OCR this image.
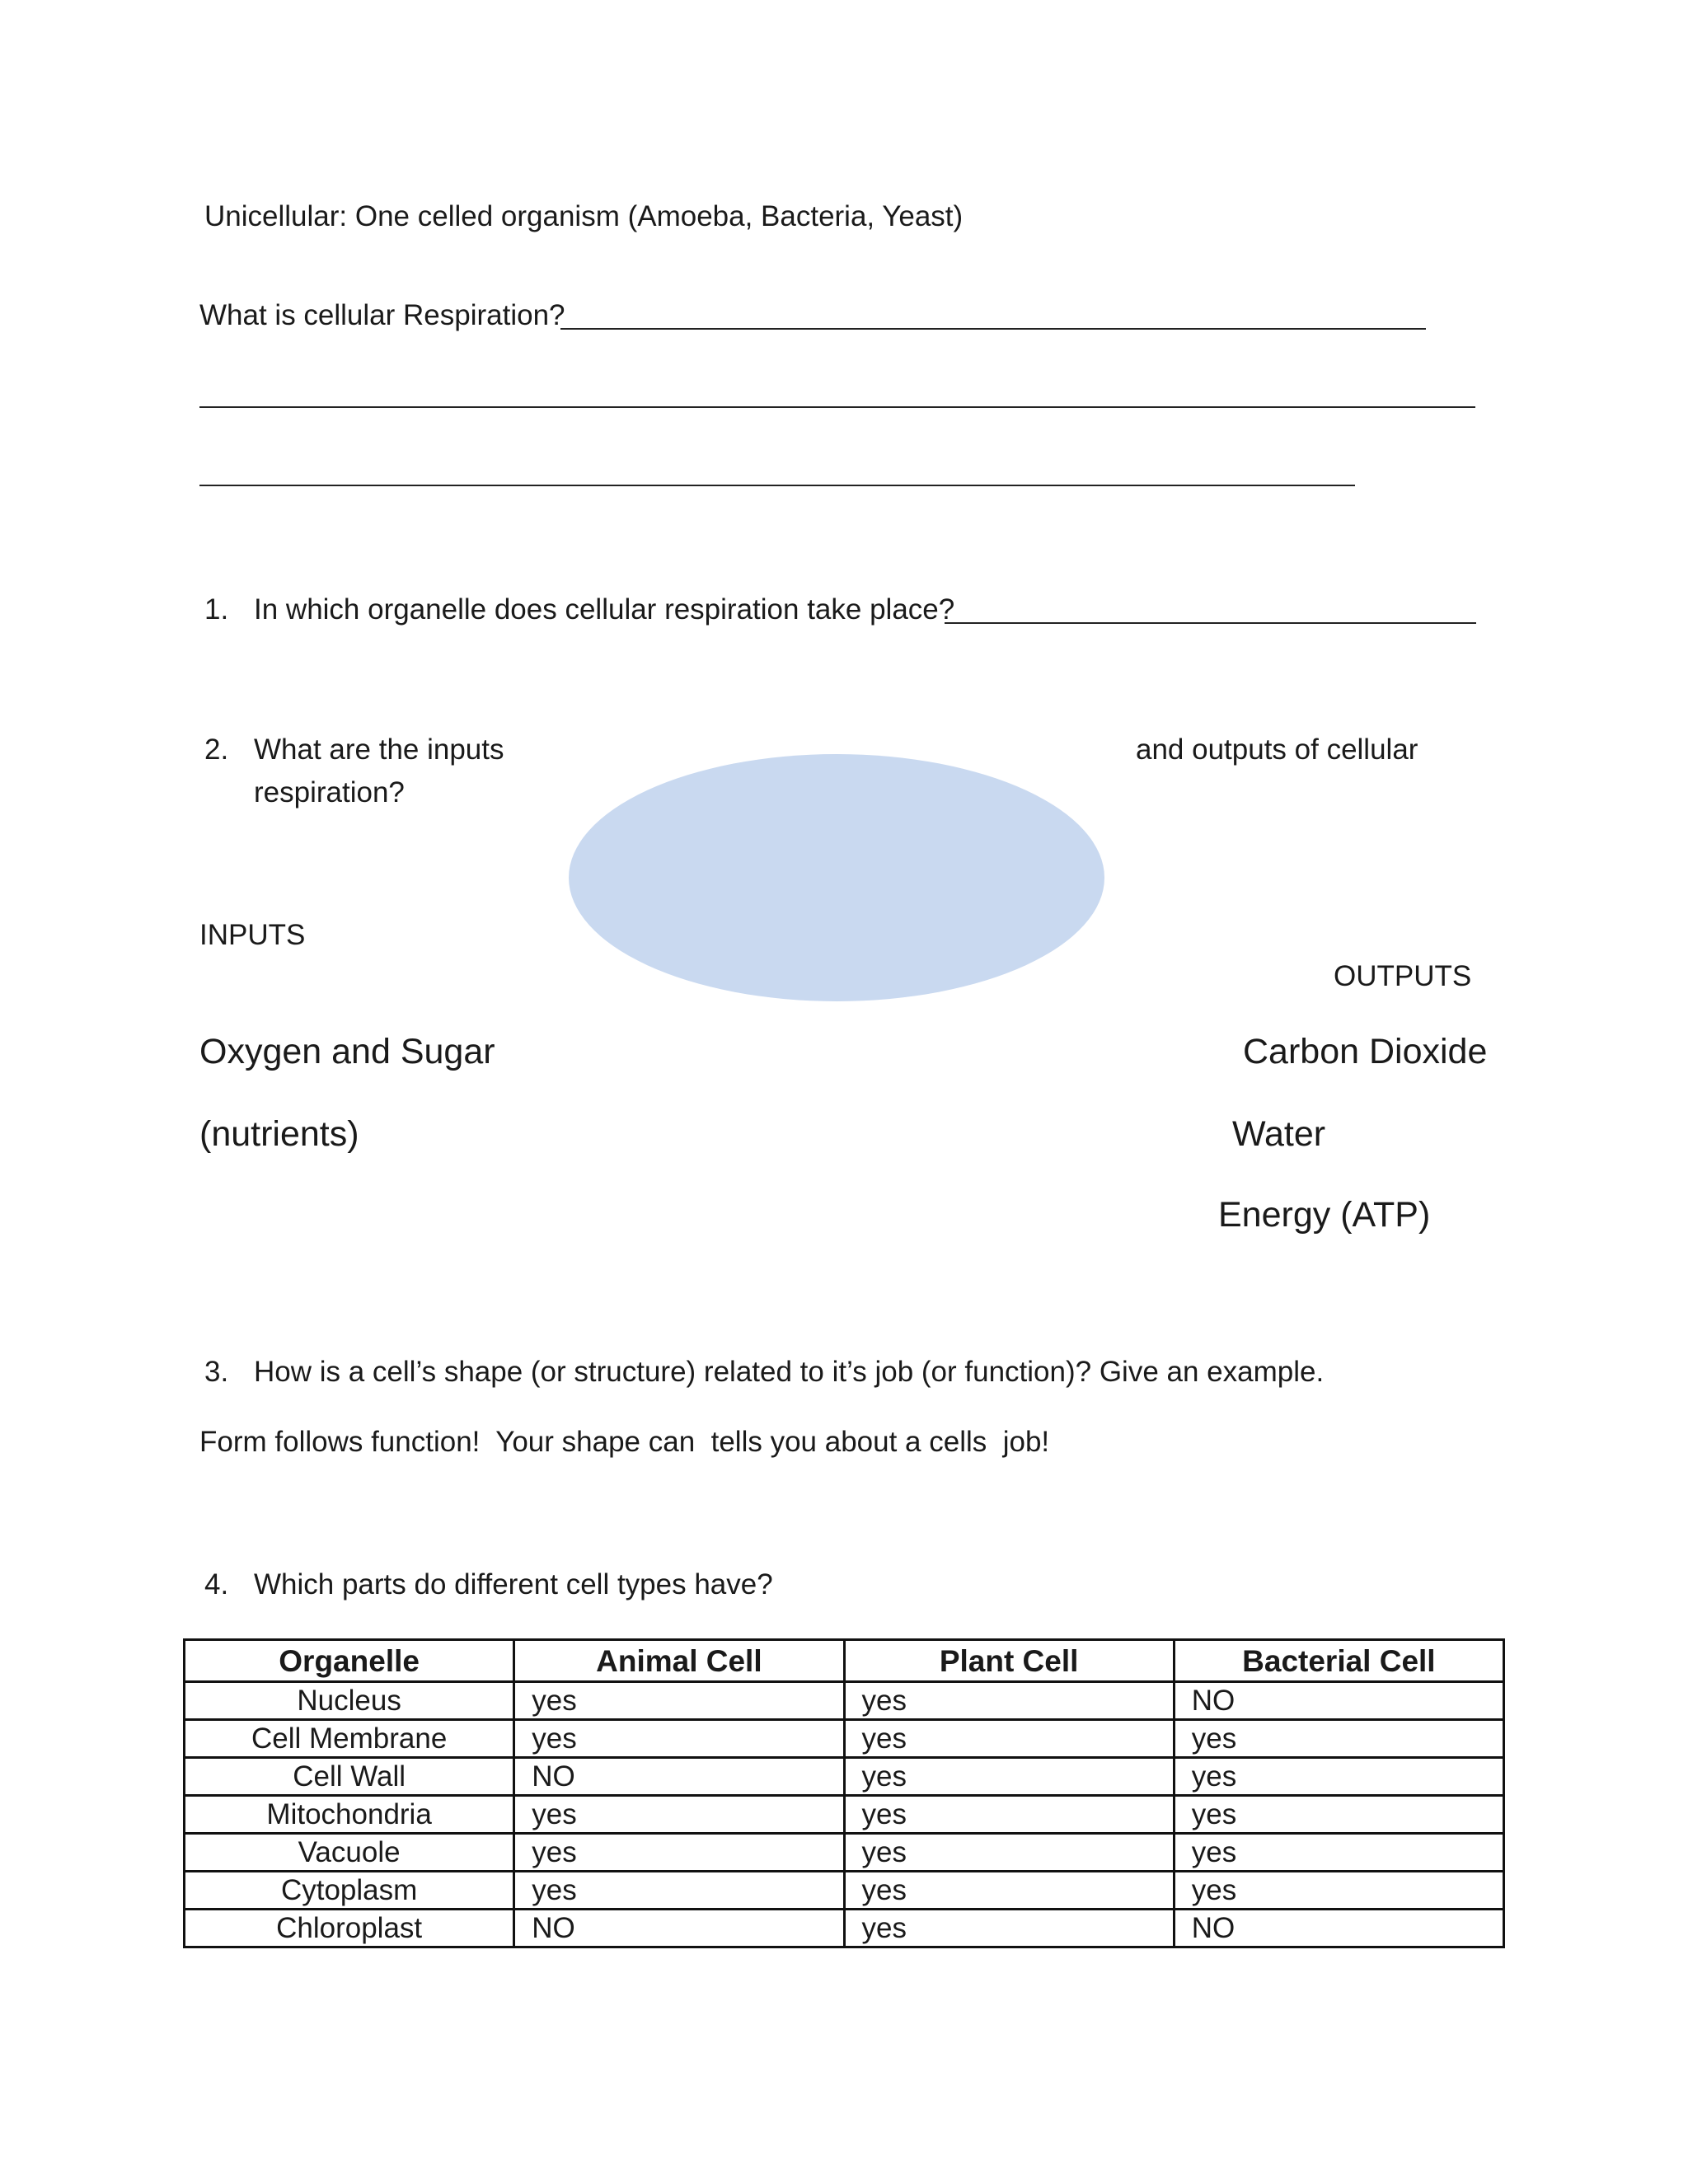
Unicellular: One celled organism (Amoeba, Bacteria, Yeast)
What is cellular Respiration?
1. In which organelle does cellular respiration take place?
2. What are the inputs	and outputs of cellular
respiration?
INPUTS
OUTPUTS
Oxygen and Sugar
(nutrients)
Carbon Dioxide
Water
Energy (ATP)
3. How is a cell’s shape (or structure) related to it’s job (or function)? Give an example.
Form follows function!  Your shape can  tells you about a cells  job!
4. Which parts do different cell types have?
Organelle	Animal Cell	Plant Cell	Bacterial Cell
Nucleus	yes	yes	NO
Cell Membrane	yes	yes	yes
Cell Wall	NO	yes	yes
Mitochondria	yes	yes	yes
Vacuole	yes	yes	yes
Cytoplasm	yes	yes	yes
Chloroplast	NO	yes	NO
